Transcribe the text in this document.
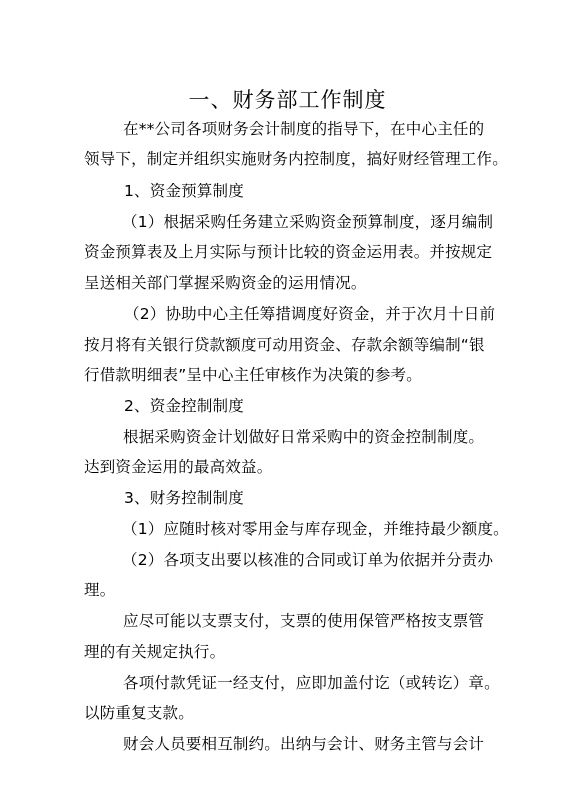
一、财务部工作制度
在**公司各项财务会计制度的指导下，在中心主任的
领导下，制定并组织实施财务内控制度，搞好财经管理工作。
1、资金预算制度
（1）根据采购任务建立采购资金预算制度，逐月编制
资金预算表及上月实际与预计比较的资金运用表。并按规定
呈送相关部门掌握采购资金的运用情况。
（2）协助中心主任筹措调度好资金，并于次月十日前
按月将有关银行贷款额度可动用资金、存款余额等编制“银
行借款明细表”呈中心主任审核作为决策的参考。
2、资金控制制度
根据采购资金计划做好日常采购中的资金控制制度。
达到资金运用的最高效益。
3、财务控制制度
（1）应随时核对零用金与库存现金，并维持最少额度。
（2）各项支出要以核准的合同或订单为依据并分责办
理。
应尽可能以支票支付，支票的使用保管严格按支票管
理的有关规定执行。
各项付款凭证一经支付，应即加盖付讫（或转讫）章。
以防重复支款。
财会人员要相互制约。出纳与会计、财务主管与会计
